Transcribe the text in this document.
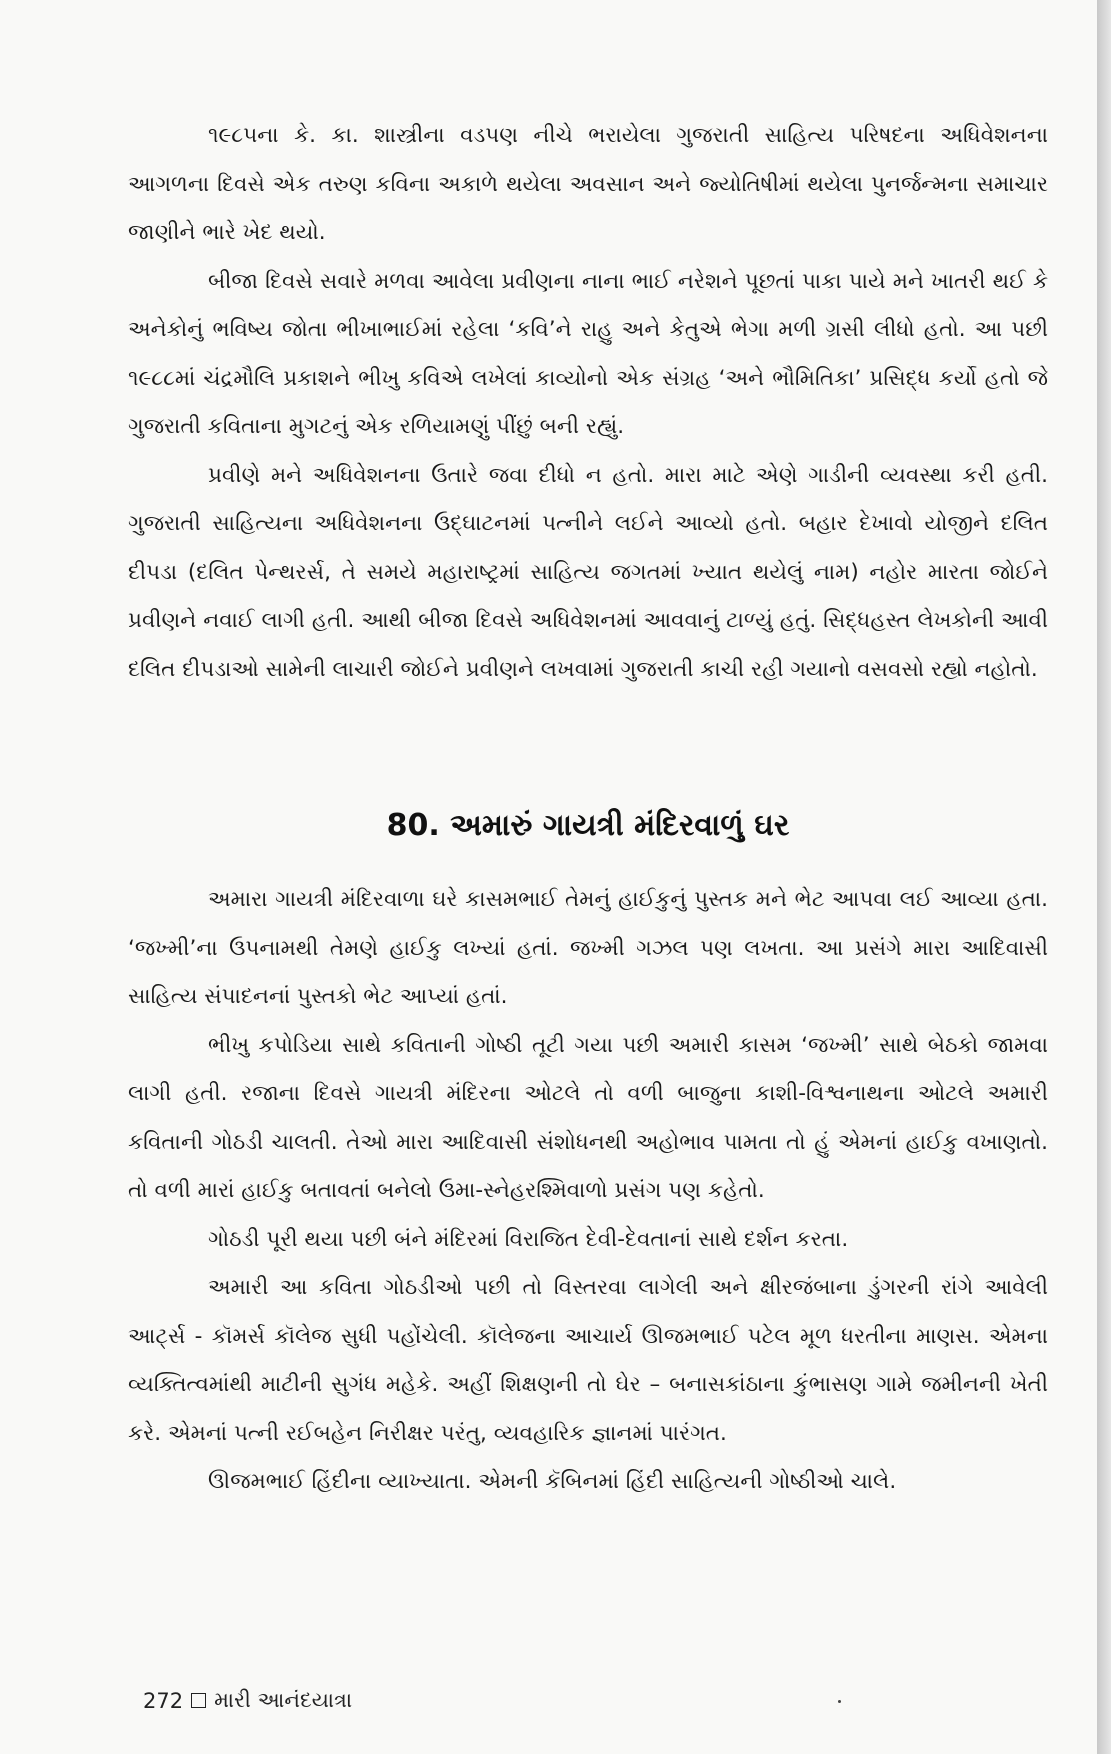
૧૯૮૫ના કે. કા. શાસ્ત્રીના વડપણ નીચે ભરાયેલા ગુજરાતી સાહિત્ય પરિષદના અધિવેશનના આગળના દિવસે એક તરુણ કવિના અકાળે થયેલા અવસાન અને જ્યોતિષીમાં થયેલા પુનર્જન્મના સમાચાર જાણીને ભારે ખેદ થયો.

બીજા દિવસે સવારે મળવા આવેલા પ્રવીણના નાના ભાઈ નરેશને પૂછતાં પાકા પાયે મને ખાતરી થઈ કે અનેકોનું ભવિષ્ય જોતા ભીખાભાઈમાં રહેલા ‘કવિ’ને રાહુ અને કેતુએ ભેગા મળી ગ્રસી લીધો હતો. આ પછી ૧૯૮૮માં ચંદ્રમૌલિ પ્રકાશને ભીખુ કવિએ લખેલાં કાવ્યોનો એક સંગ્રહ ‘અને ભૌમિતિકા’ પ્રસિદ્ધ કર્યો હતો જે ગુજરાતી કવિતાના મુગટનું એક રળિયામણું પીંછું બની રહ્યું.

પ્રવીણે મને અધિવેશનના ઉતારે જવા દીધો ન હતો. મારા માટે એણે ગાડીની વ્યવસ્થા કરી હતી. ગુજરાતી સાહિત્યના અધિવેશનના ઉદ્ઘાટનમાં પત્નીને લઈને આવ્યો હતો. બહાર દેખાવો યોજીને દલિત દીપડા (દલિત પેન્થરર્સ, તે સમયે મહારાષ્ટ્રમાં સાહિત્ય જગતમાં ખ્યાત થયેલું નામ) નહોર મારતા જોઈને પ્રવીણને નવાઈ લાગી હતી. આથી બીજા દિવસે અધિવેશનમાં આવવાનું ટાળ્યું હતું. સિદ્ધહસ્ત લેખકોની આવી દલિત દીપડાઓ સામેની લાચારી જોઈને પ્રવીણને લખવામાં ગુજરાતી કાચી રહી ગયાનો વસવસો રહ્યો નહોતો.

80. અમારું ગાયત્રી મંદિરવાળું ઘર

અમારા ગાયત્રી મંદિરવાળા ઘરે કાસમભાઈ તેમનું હાઈકુનું પુસ્તક મને ભેટ આપવા લઈ આવ્યા હતા. ‘જખ્મી’ના ઉપનામથી તેમણે હાઈકુ લખ્યાં હતાં. જખ્મી ગઝલ પણ લખતા. આ પ્રસંગે મારા આદિવાસી સાહિત્ય સંપાદનનાં પુસ્તકો ભેટ આપ્યાં હતાં.

ભીખુ કપોડિયા સાથે કવિતાની ગોષ્ઠી તૂટી ગયા પછી અમારી કાસમ ‘જખ્મી’ સાથે બેઠકો જામવા લાગી હતી. રજાના દિવસે ગાયત્રી મંદિરના ઓટલે તો વળી બાજુના કાશી-વિશ્વનાથના ઓટલે અમારી કવિતાની ગોઠડી ચાલતી. તેઓ મારા આદિવાસી સંશોધનથી અહોભાવ પામતા તો હું એમનાં હાઈકુ વખાણતો. તો વળી મારાં હાઈકુ બતાવતાં બનેલો ઉમા-સ્નેહરશ્મિવાળો પ્રસંગ પણ કહેતો.

ગોઠડી પૂરી થયા પછી બંને મંદિરમાં વિરાજિત દેવી-દેવતાનાં સાથે દર્શન કરતા.

અમારી આ કવિતા ગોઠડીઓ પછી તો વિસ્તરવા લાગેલી અને ક્ષીરજંબાના ડુંગરની રાંગે આવેલી આર્ટ્સ - કૉમર્સ કૉલેજ સુધી પહોંચેલી. કૉલેજના આચાર્ય ઊજમભાઈ પટેલ મૂળ ધરતીના માણસ. એમના વ્યક્તિત્વમાંથી માટીની સુગંધ મહેકે. અહીં શિક્ષણની તો ઘેર – બનાસકાંઠાના કુંભાસણ ગામે જમીનની ખેતી કરે. એમનાં પત્ની રઈબહેન નિરીક્ષર પરંતુ, વ્યવહારિક જ્ઞાનમાં પારંગત.

ઊજમભાઈ હિંદીના વ્યાખ્યાતા. એમની કૅબિનમાં હિંદી સાહિત્યની ગોષ્ઠીઓ ચાલે.

272 મારી આનંદયાત્રા
